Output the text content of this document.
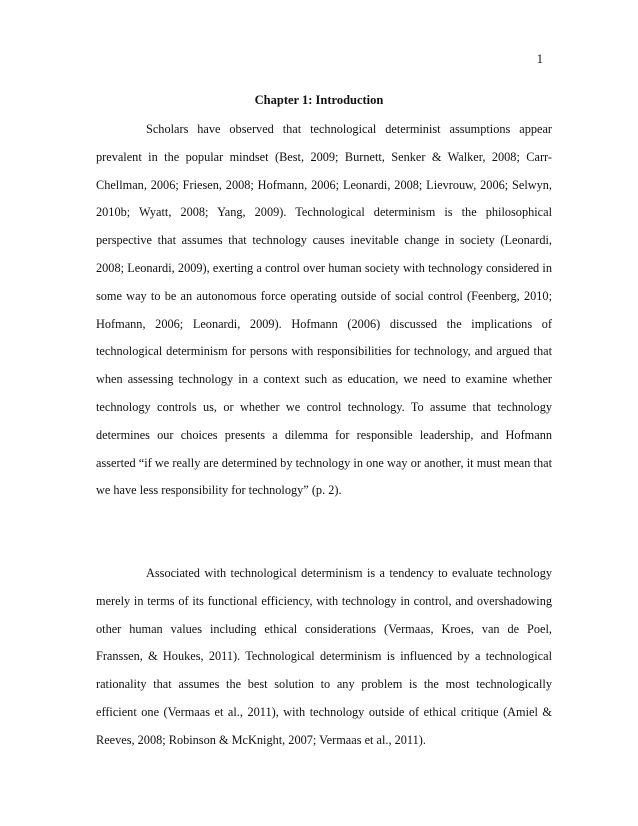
1
Chapter 1: Introduction

Scholars have observed that technological determinist assumptions appear prevalent in the popular mindset (Best, 2009; Burnett, Senker & Walker, 2008; Carr-Chellman, 2006; Friesen, 2008; Hofmann, 2006; Leonardi, 2008; Lievrouw, 2006; Selwyn, 2010b; Wyatt, 2008; Yang, 2009). Technological determinism is the philosophical perspective that assumes that technology causes inevitable change in society (Leonardi, 2008; Leonardi, 2009), exerting a control over human society with technology considered in some way to be an autonomous force operating outside of social control (Feenberg, 2010; Hofmann, 2006; Leonardi, 2009). Hofmann (2006) discussed the implications of technological determinism for persons with responsibilities for technology, and argued that when assessing technology in a context such as education, we need to examine whether technology controls us, or whether we control technology. To assume that technology determines our choices presents a dilemma for responsible leadership, and Hofmann asserted “if we really are determined by technology in one way or another, it must mean that we have less responsibility for technology” (p. 2).

Associated with technological determinism is a tendency to evaluate technology merely in terms of its functional efficiency, with technology in control, and overshadowing other human values including ethical considerations (Vermaas, Kroes, van de Poel, Franssen, & Houkes, 2011). Technological determinism is influenced by a technological rationality that assumes the best solution to any problem is the most technologically efficient one (Vermaas et al., 2011), with technology outside of ethical critique (Amiel & Reeves, 2008; Robinson & McKnight, 2007; Vermaas et al., 2011).
